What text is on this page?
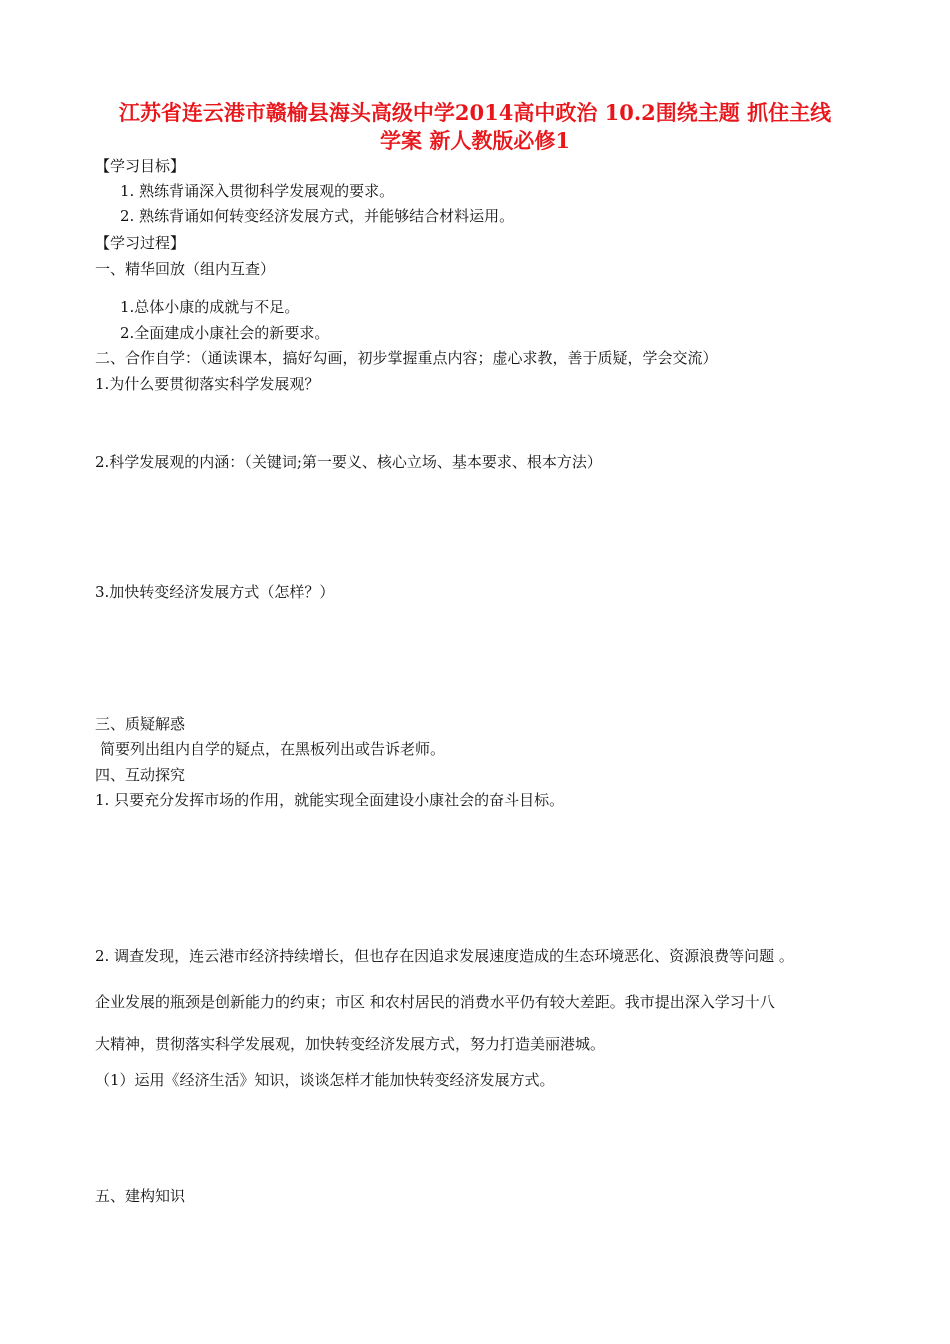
江苏省连云港市赣榆县海头高级中学2014高中政治 10.2围绕主题 抓住主线
学案 新人教版必修1
【学习目标】
1. 熟练背诵深入贯彻科学发展观的要求。
2. 熟练背诵如何转变经济发展方式，并能够结合材料运用。
【学习过程】
一、精华回放（组内互查）
1.总体小康的成就与不足。
2.全面建成小康社会的新要求。
二、合作自学：（通读课本，搞好勾画，初步掌握重点内容；虚心求教，善于质疑，学会交流）
1.为什么要贯彻落实科学发展观？
2.科学发展观的内涵：（关键词;第一要义、核心立场、基本要求、根本方法）
3.加快转变经济发展方式（怎样？）
三、质疑解惑
简要列出组内自学的疑点，在黑板列出或告诉老师。
四、互动探究
1. 只要充分发挥市场的作用，就能实现全面建设小康社会的奋斗目标。
2. 调查发现，连云港市经济持续增长，但也存在因追求发展速度造成的生态环境恶化、资源浪费等问题 。
企业发展的瓶颈是创新能力的约束；市区 和农村居民的消费水平仍有较大差距。我市提出深入学习十八
大精神，贯彻落实科学发展观，加快转变经济发展方式，努力打造美丽港城。
（1）运用《经济生活》知识，谈谈怎样才能加快转变经济发展方式。
五、建构知识
